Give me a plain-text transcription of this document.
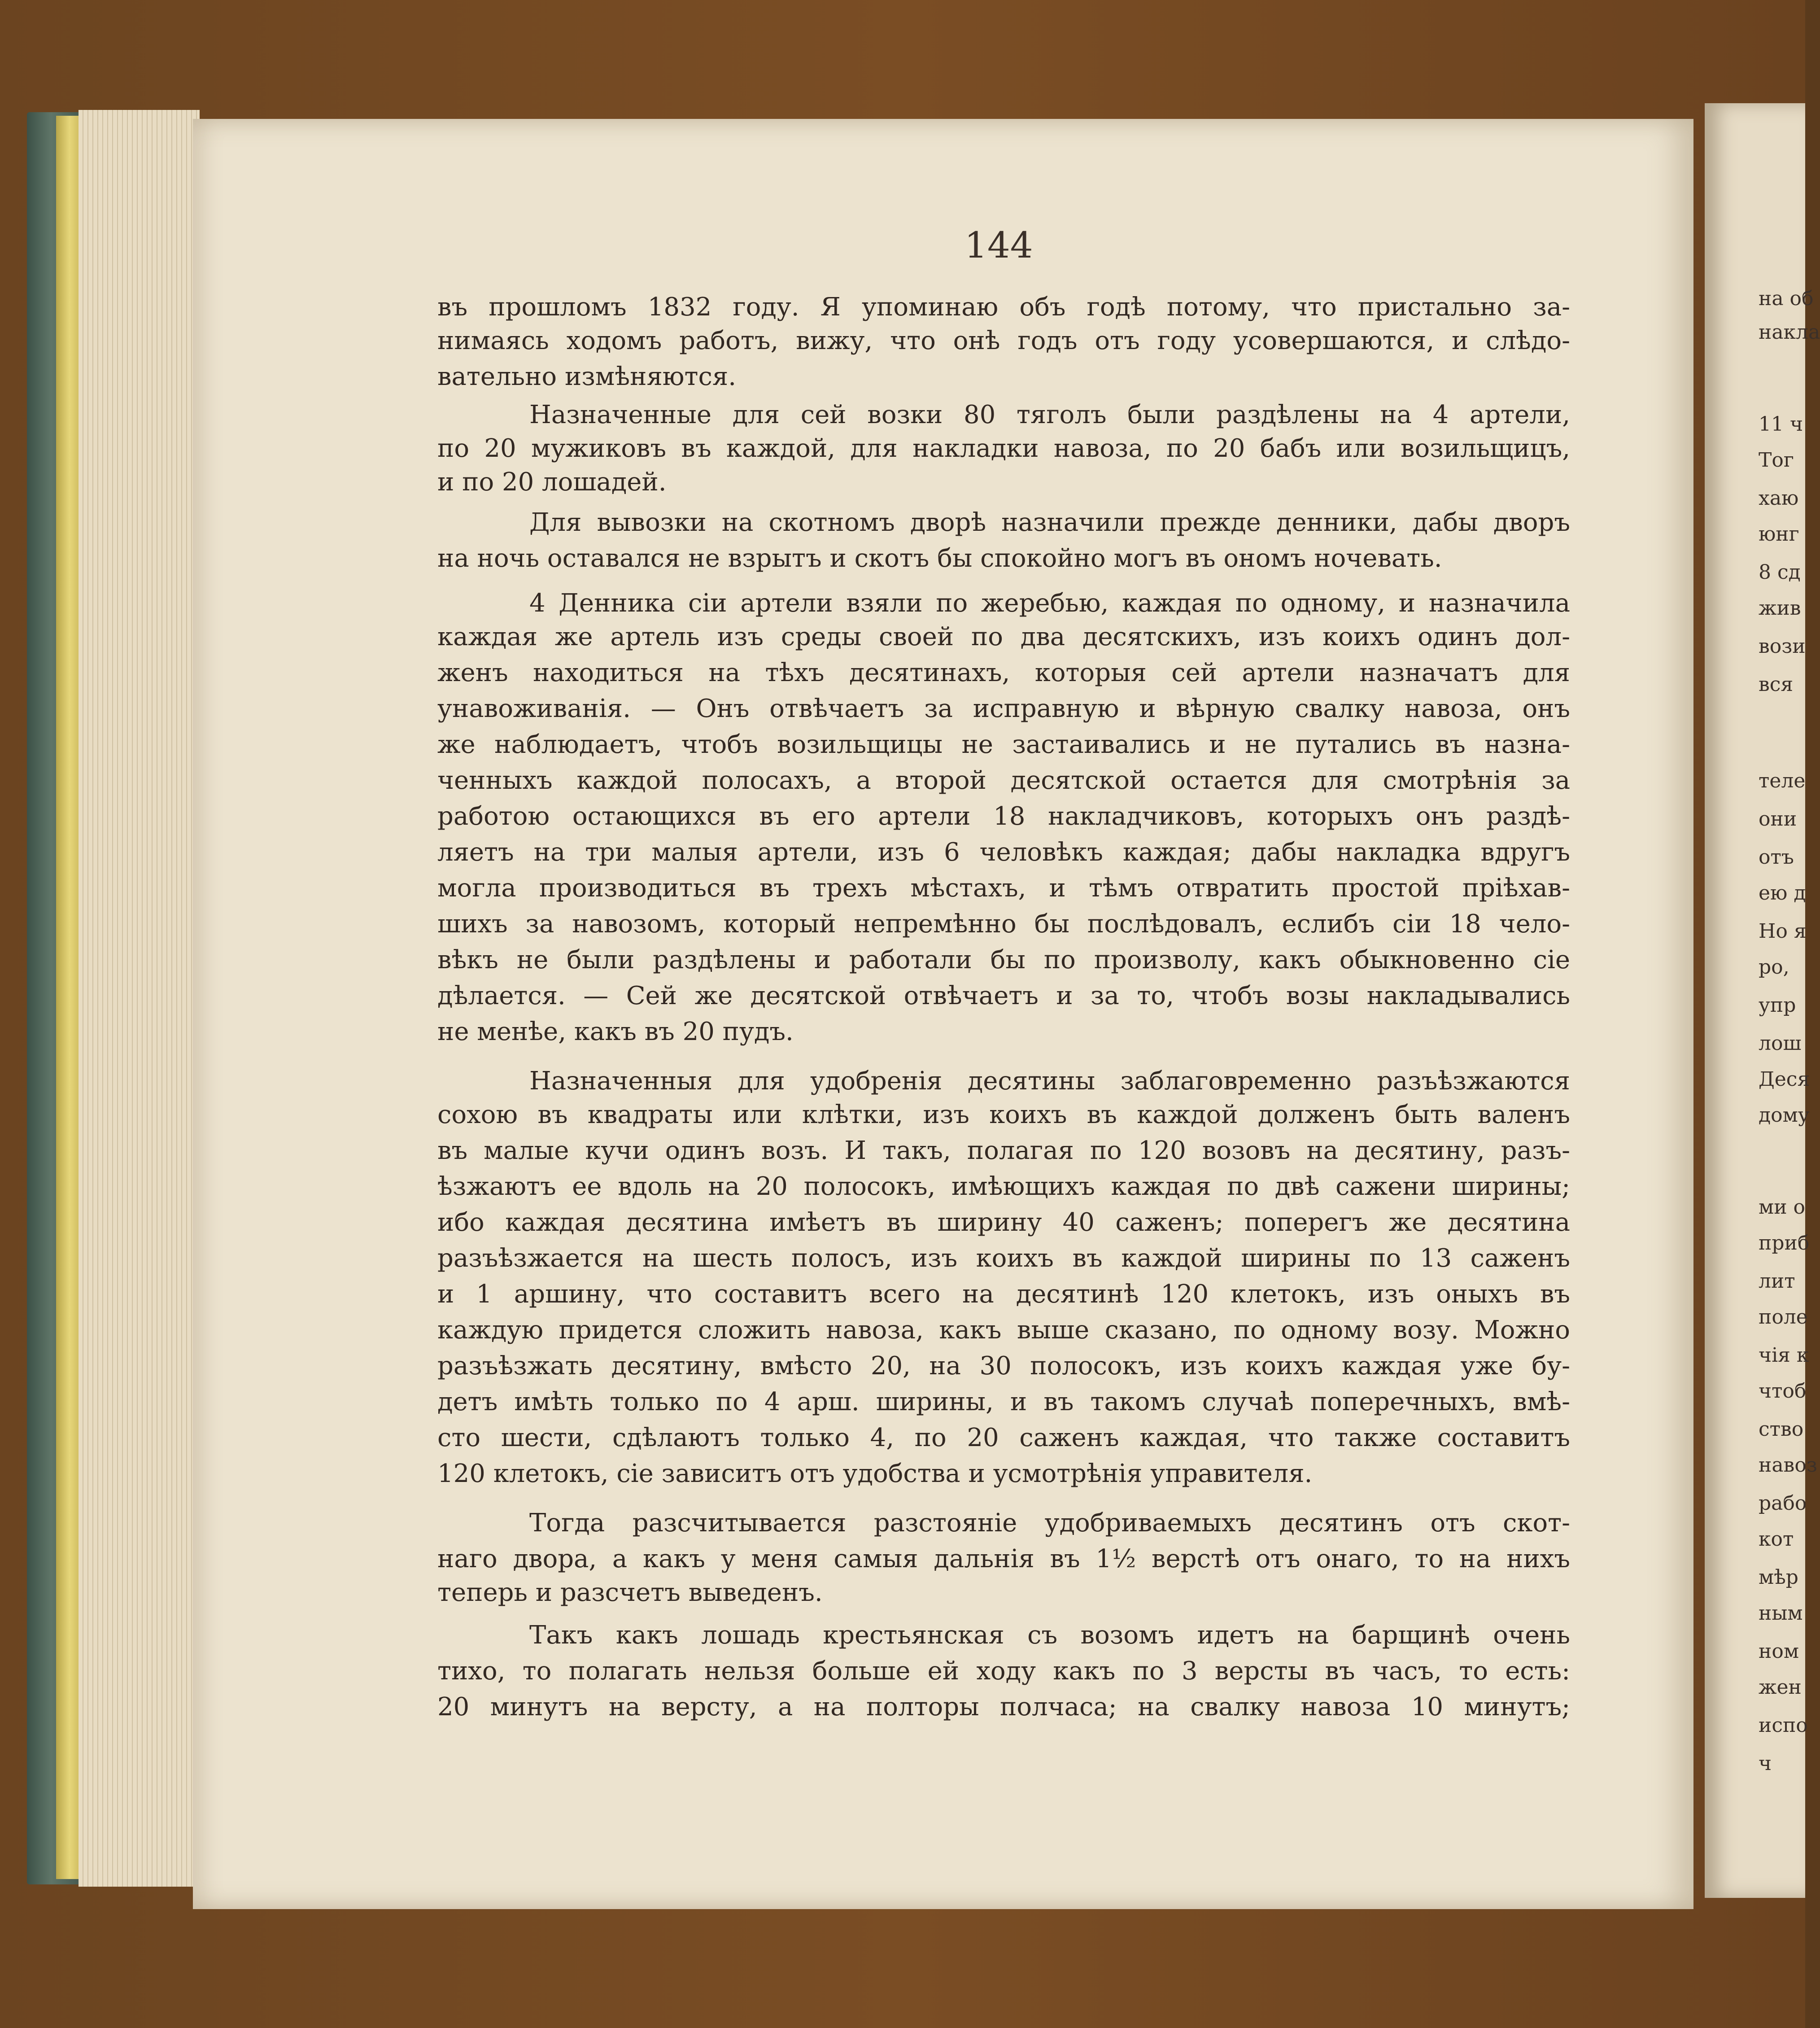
144
въ прошломъ 1832 году. Я упоминаю объ годѣ потому, что пристально за-
нимаясь ходомъ работъ, вижу, что онѣ годъ отъ году усовершаются, и слѣдо-
вательно измѣняются.
Назначенные для сей возки 80 тяголъ были раздѣлены на 4 артели,
по 20 мужиковъ въ каждой, для накладки навоза, по 20 бабъ или возильщицъ,
и по 20 лошадей.
Для вывозки на скотномъ дворѣ назначили прежде денники, дабы дворъ
на ночь оставался не взрытъ и скотъ бы спокойно могъ въ ономъ ночевать.
4 Денника сіи артели взяли по жеребью, каждая по одному, и назначила
каждая же артель изъ среды своей по два десятскихъ, изъ коихъ одинъ дол-
женъ находиться на тѣхъ десятинахъ, которыя сей артели назначатъ для
унавоживанія. — Онъ отвѣчаетъ за исправную и вѣрную свалку навоза, онъ
же наблюдаетъ, чтобъ возильщицы не застаивались и не путались въ назна-
ченныхъ каждой полосахъ, а второй десятской остается для смотрѣнія за
работою остающихся въ его артели 18 накладчиковъ, которыхъ онъ раздѣ-
ляетъ на три малыя артели, изъ 6 человѣкъ каждая; дабы накладка вдругъ
могла производиться въ трехъ мѣстахъ, и тѣмъ отвратить простой пріѣхав-
шихъ за навозомъ, который непремѣнно бы послѣдовалъ, еслибъ сіи 18 чело-
вѣкъ не были раздѣлены и работали бы по произволу, какъ обыкновенно сіе
дѣлается. — Сей же десятской отвѣчаетъ и за то, чтобъ возы накладывались
не менѣе, какъ въ 20 пудъ.
Назначенныя для удобренія десятины заблаговременно разъѣзжаются
сохою въ квадраты или клѣтки, изъ коихъ въ каждой долженъ быть валенъ
въ малые кучи одинъ возъ. И такъ, полагая по 120 возовъ на десятину, разъ-
ѣзжаютъ ее вдоль на 20 полосокъ, имѣющихъ каждая по двѣ сажени ширины;
ибо каждая десятина имѣетъ въ ширину 40 саженъ; поперегъ же десятина
разъѣзжается на шесть полосъ, изъ коихъ въ каждой ширины по 13 саженъ
и 1 аршину, что составитъ всего на десятинѣ 120 клетокъ, изъ оныхъ въ
каждую придется сложить навоза, какъ выше сказано, по одному возу. Можно
разъѣзжать десятину, вмѣсто 20, на 30 полосокъ, изъ коихъ каждая уже бу-
детъ имѣть только по 4 арш. ширины, и въ такомъ случаѣ поперечныхъ, вмѣ-
сто шести, сдѣлаютъ только 4, по 20 саженъ каждая, что также составитъ
120 клетокъ, сіе зависитъ отъ удобства и усмотрѣнія управителя.
Тогда разсчитывается разстояніе удобриваемыхъ десятинъ отъ скот-
наго двора, а какъ у меня самыя дальнія въ 1½ верстѣ отъ онаго, то на нихъ
теперь и разсчетъ выведенъ.
Такъ какъ лошадь крестьянская съ возомъ идетъ на барщинѣ очень
тихо, то полагать нельзя больше ей ходу какъ по 3 версты въ часъ, то есть:
20 минутъ на версту, а на полторы полчаса; на свалку навоза 10 минутъ;
на об
накла
11 ч
Тог
хаю
юнг
8 сд
жив
вози
вся
теле
они
отъ
ею д
Но я
ро,
упр
лош
Деся
дому
ми о
приб
лит
поле
чія к
чтоб
ство
навоз
рабо
кот
мѣр
ным
ном
жен
испо
ч
